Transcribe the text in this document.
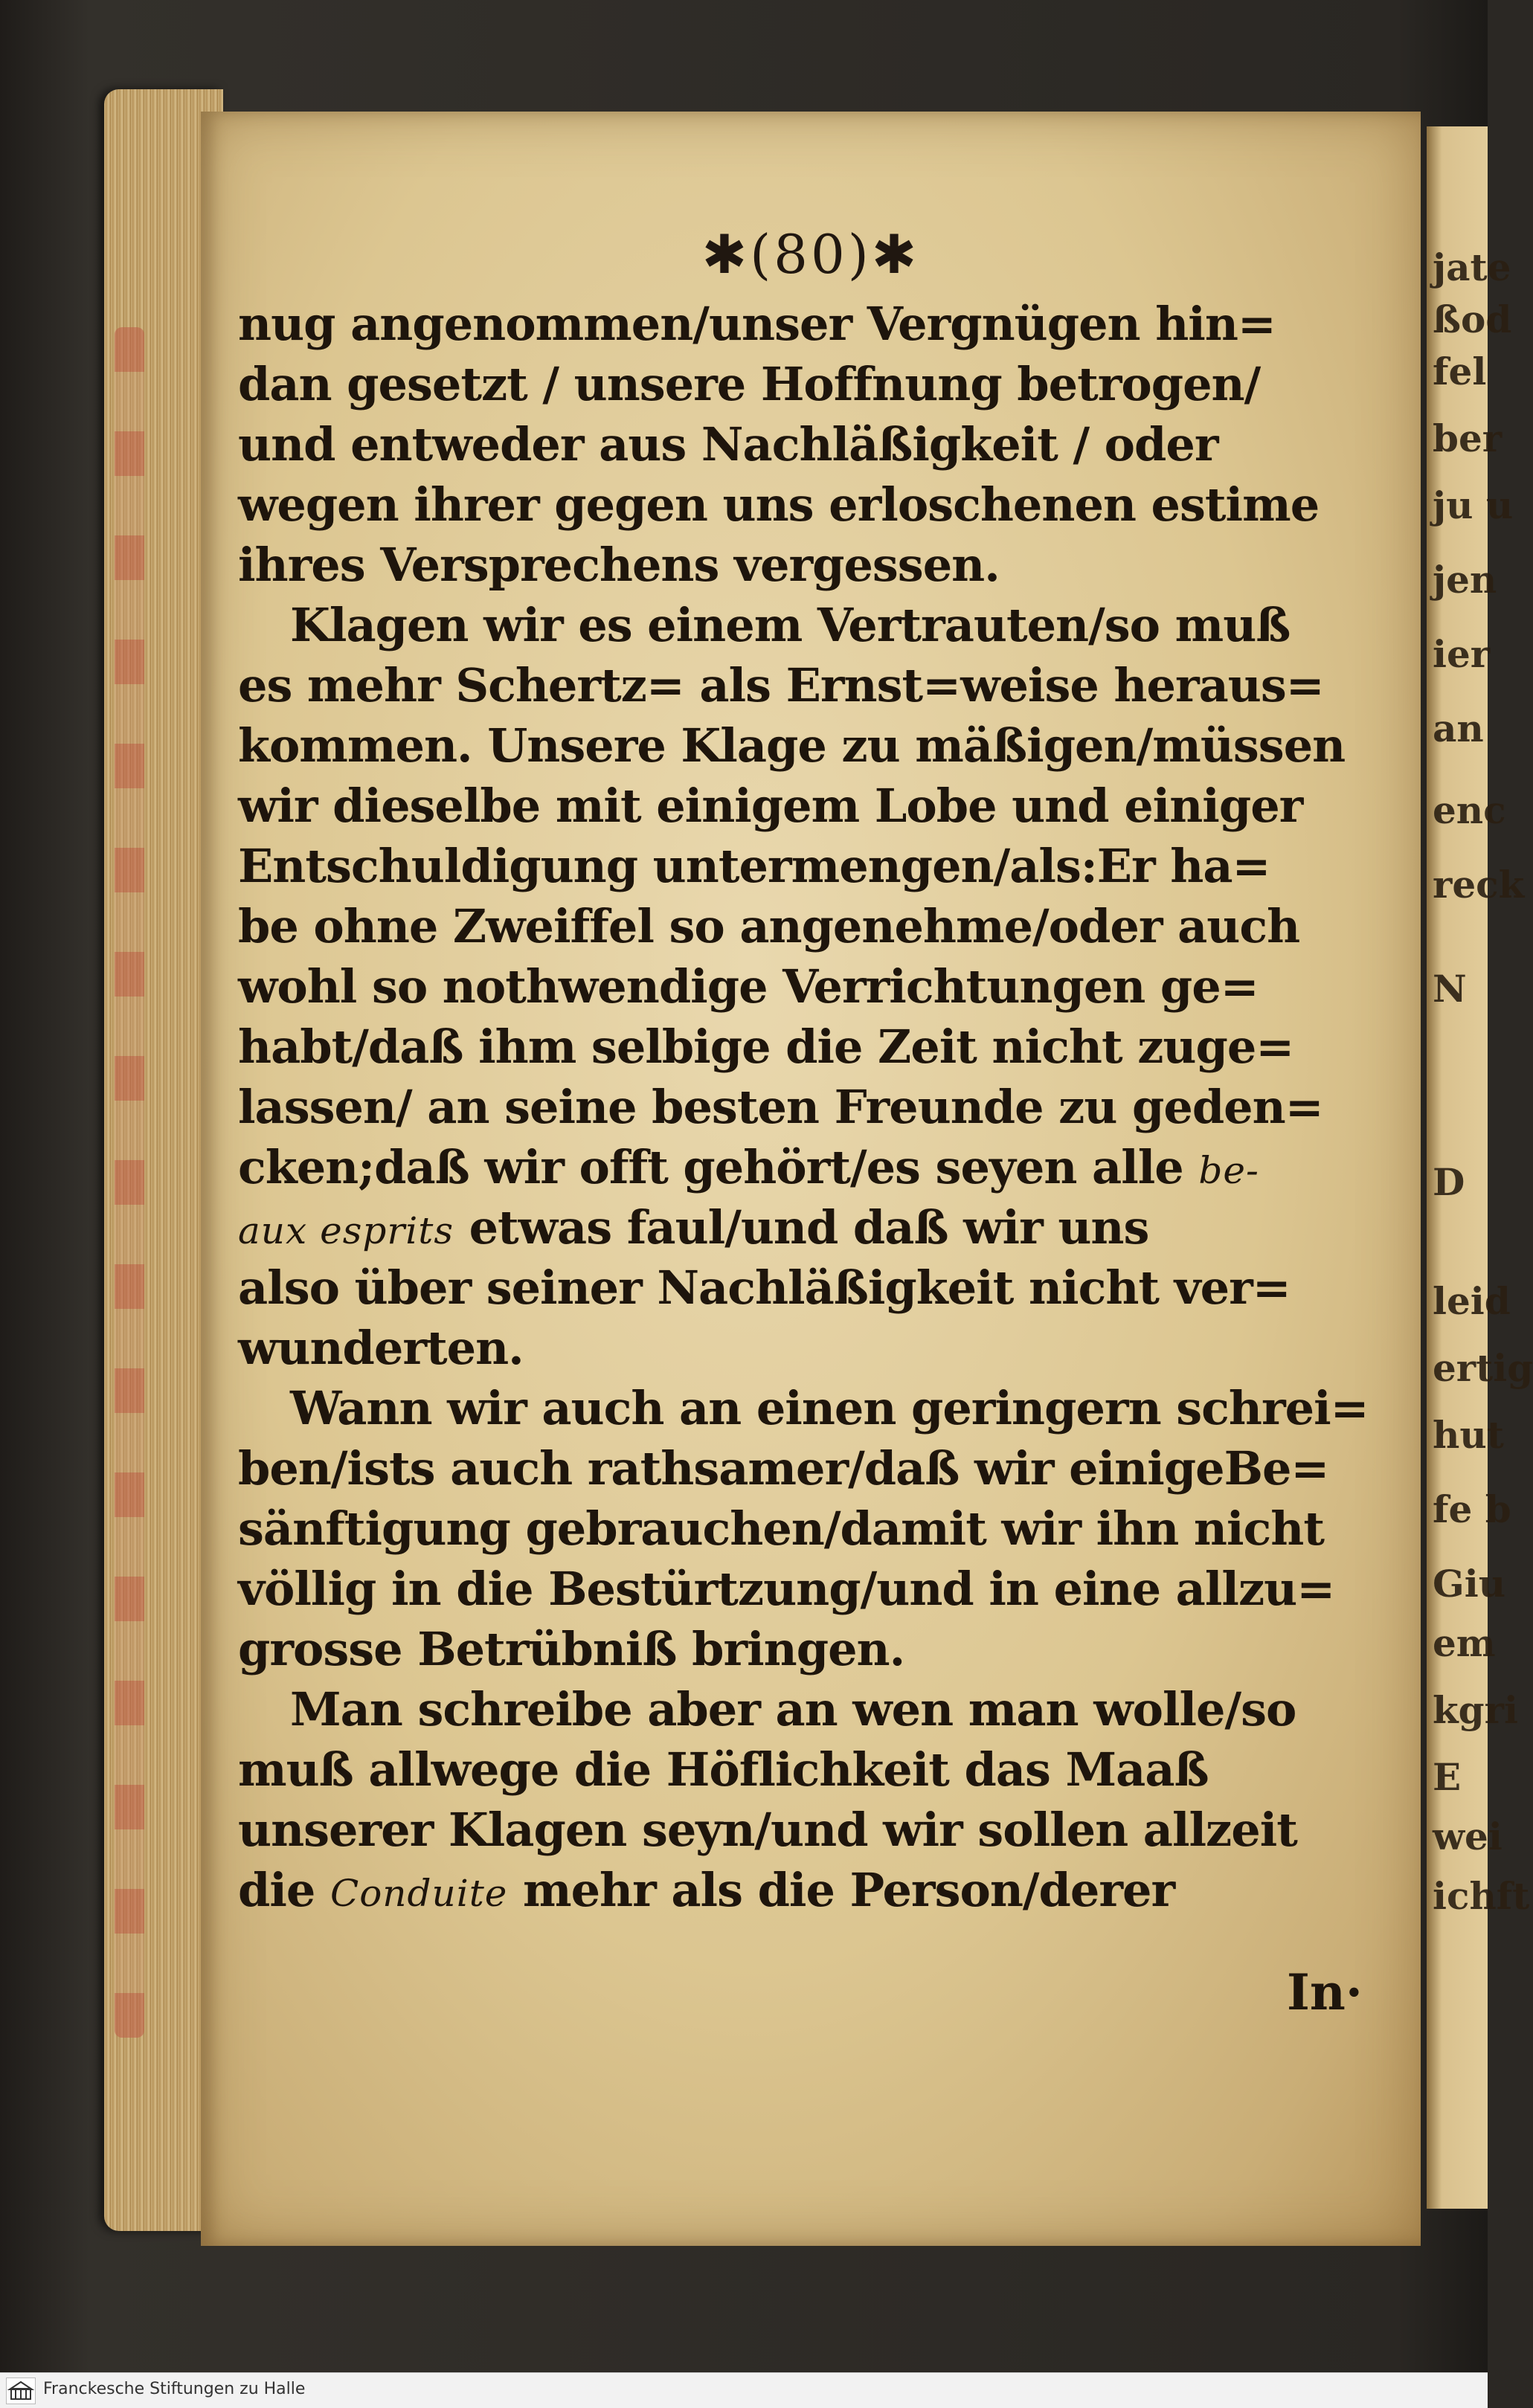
jate
ßod
fel
ber
ju u
jen
ier
an
enc
reck
N
D
leid
ertig
hut
fe b
Giu
em
kgri
E
wei
ichft
✱(80)✱
nug angenommen/unser Vergnügen hin=
dan gesetzt / unsere Hoffnung betrogen/
und entweder aus Nachläßigkeit / oder
wegen ihrer gegen uns erloschenen estime
ihres Versprechens vergessen.
Klagen wir es einem Vertrauten/so muß
es mehr Schertz= als Ernst=weise heraus=
kommen. Unsere Klage zu mäßigen/müssen
wir dieselbe mit einigem Lobe und einiger
Entschuldigung untermengen/als:Er ha=
be ohne Zweiffel so angenehme/oder auch
wohl so nothwendige Verrichtungen ge=
habt/daß ihm selbige die Zeit nicht zuge=
lassen/ an seine besten Freunde zu geden=
cken;daß wir offt gehört/es seyen alle be-
aux esprits etwas faul/und daß wir uns
also über seiner Nachläßigkeit nicht ver=
wunderten.
Wann wir auch an einen geringern schrei=
ben/ists auch rathsamer/daß wir einigeBe=
sänftigung gebrauchen/damit wir ihn nicht
völlig in die Bestürtzung/und in eine allzu=
grosse Betrübniß bringen.
Man schreibe aber an wen man wolle/so
muß allwege die Höflichkeit das Maaß
unserer Klagen seyn/und wir sollen allzeit
die Conduite mehr als die Person/derer
In·
Franckesche Stiftungen zu Halle
